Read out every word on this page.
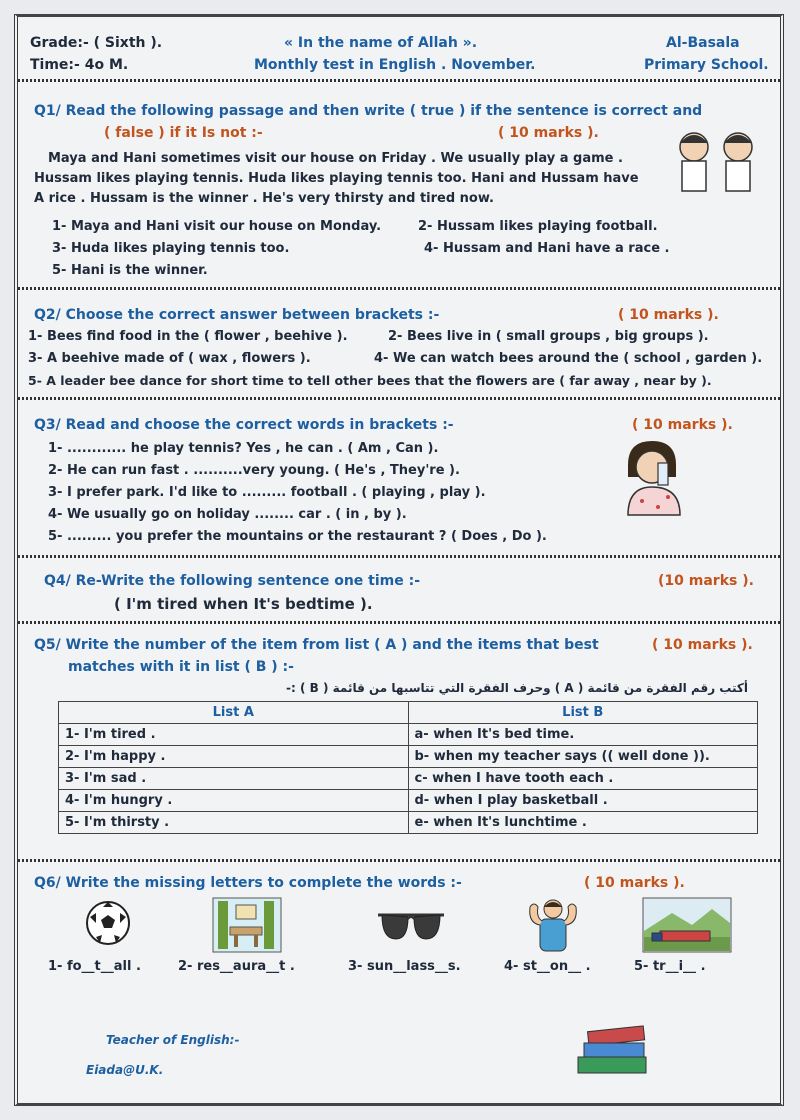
Grade:- ( Sixth ).
Time:- 4o M.
« In the name of Allah ».
Monthly test in English . November.
Al-Basala
Primary School.
Q1/ Read the following passage and then write ( true ) if the sentence is correct and
( false ) if it Is not :-	( 10 marks ).
Maya and Hani sometimes visit our house on Friday . We usually play a game .
Hussam likes playing tennis. Huda likes playing tennis too. Hani and Hussam have
A rice . Hussam is the winner . He's very thirsty and tired now.
1- Maya and Hani visit our house on Monday.	2- Hussam likes playing football.
3- Huda likes playing tennis too.	4- Hussam and Hani have a race .
5- Hani is the winner.
Q2/ Choose the correct answer between brackets :-	( 10 marks ).
1- Bees find food in the ( flower , beehive ).	2- Bees live in ( small groups , big groups ).
3- A beehive made of ( wax , flowers ).	4- We can watch bees around the ( school , garden ).
5- A leader bee dance for short time to tell other bees that the flowers are ( far away , near by ).
Q3/ Read and choose the correct words in brackets :-	( 10 marks ).
1- ............ he play tennis? Yes , he can . ( Am , Can ).
2- He can run fast . ..........very young. ( He's , They're ).
3- I prefer park. I'd like to ......... football . ( playing , play ).
4- We usually go on holiday ........ car . ( in , by ).
5- ......... you prefer the mountains or the restaurant ? ( Does , Do ).
Q4/ Re-Write the following sentence one time :-	(10 marks ).
( I'm tired when It's bedtime ).
Q5/ Write the number of the item from list ( A ) and the items that best
matches with it in list ( B ) :-
( 10 marks ).
أكتب رقم الفقرة من قائمة ( A ) وحرف الفقرة التي تتاسبها من قائمة ( B ) :-
List A	List B
1- I'm tired .	a- when It's bed time.
2- I'm happy .	b- when my teacher says (( well done )).
3- I'm sad .	c- when I have tooth each .
4- I'm hungry .	d- when I play basketball .
5- I'm thirsty .	e- when It's lunchtime .
Q6/ Write the missing letters to complete the words :-	( 10 marks ).
1- fo__t__all .	2- res__aura__t .	3- sun__lass__s.	4- st__on__ .	5- tr__i__ .
Teacher of English:-
Eiada@U.K.
